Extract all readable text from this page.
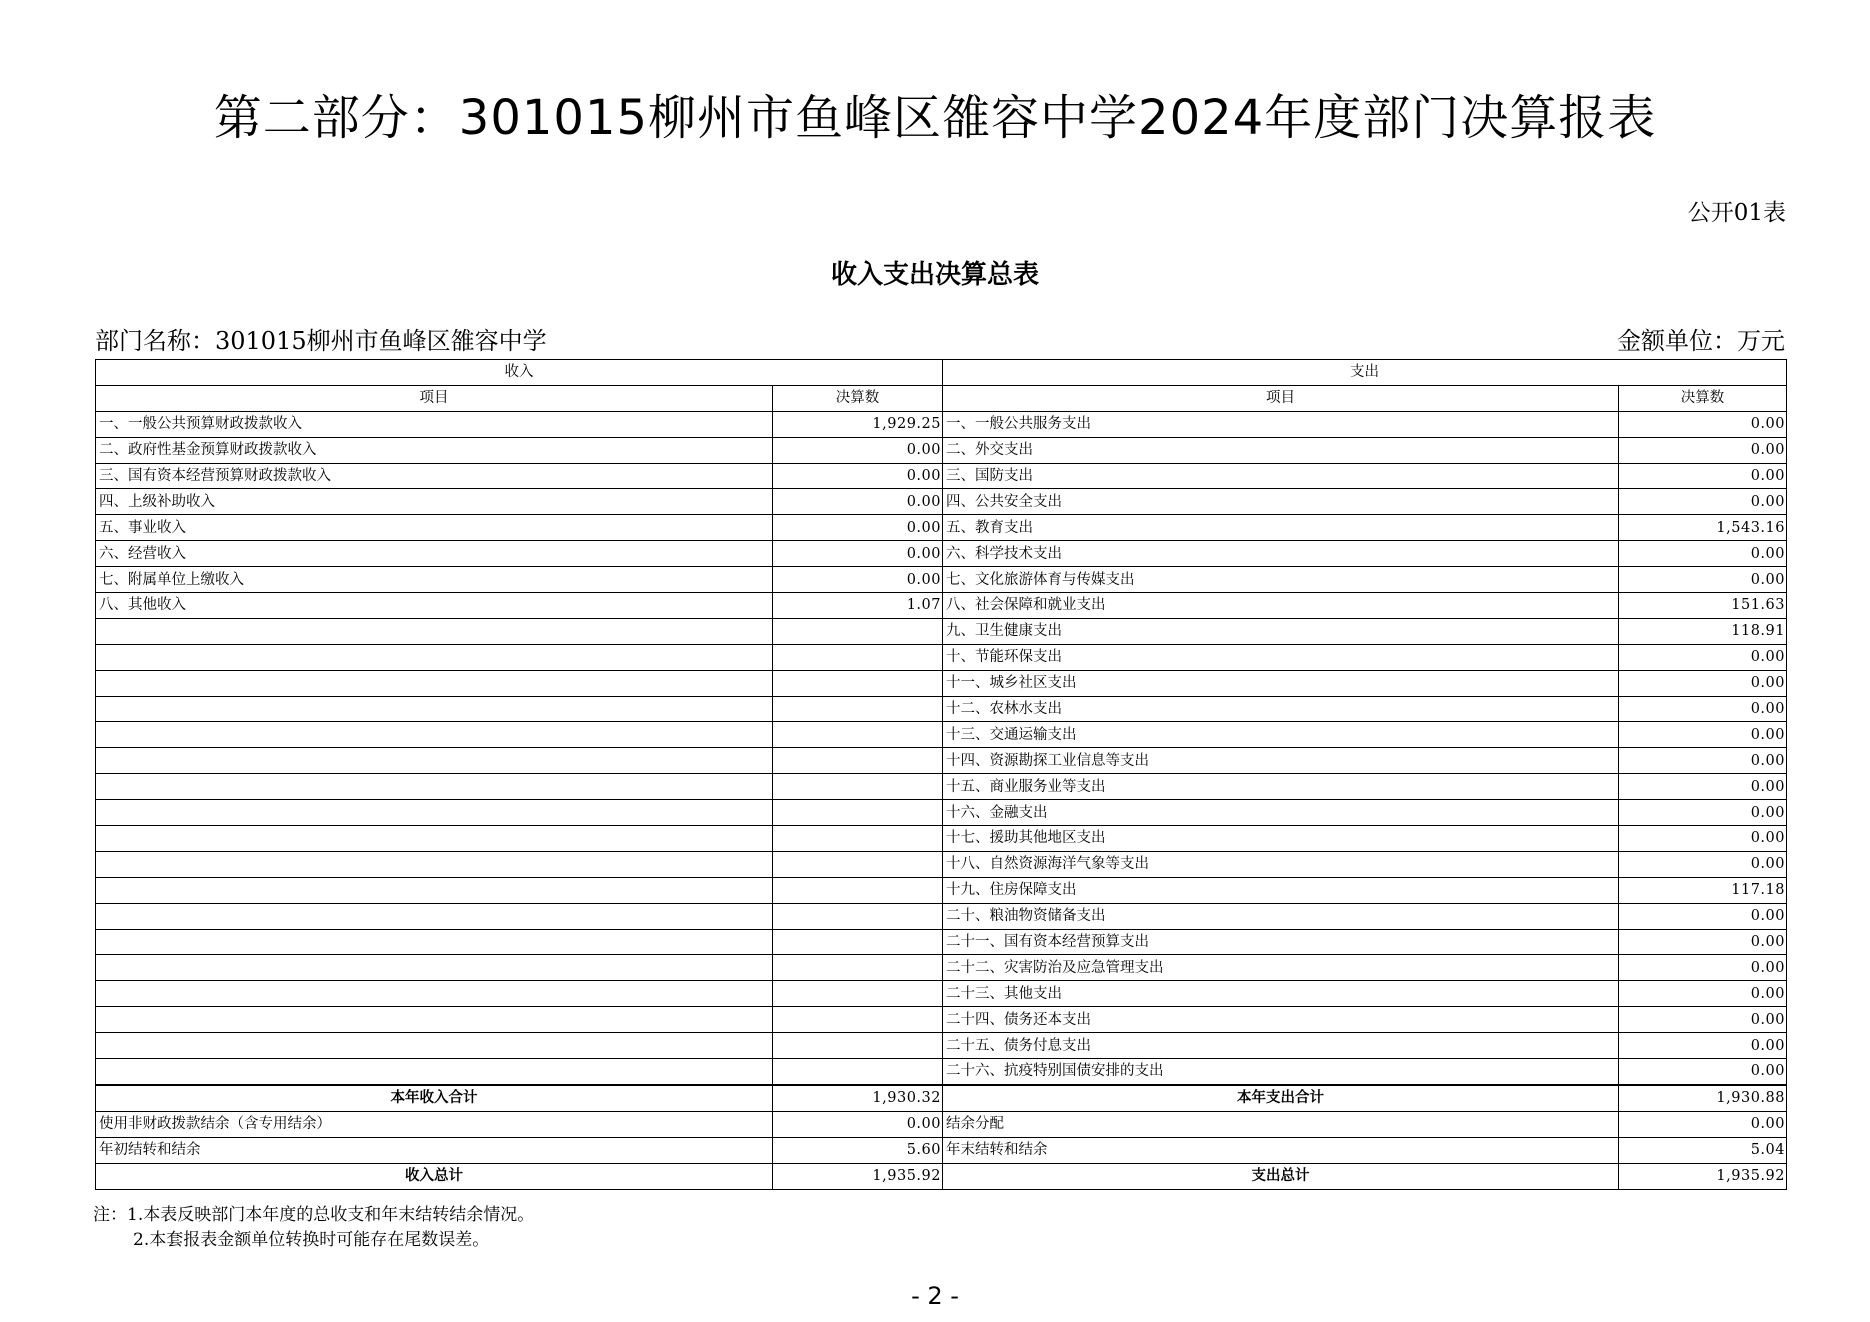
第二部分：301015柳州市鱼峰区雒容中学2024年度部门决算报表
公开01表
收入支出决算总表
部门名称：301015柳州市鱼峰区雒容中学	金额单位：万元
收入		支出	
项目	决算数	项目	决算数
一、一般公共预算财政拨款收入	1,929.25	一、一般公共服务支出	0.00
二、政府性基金预算财政拨款收入	0.00	二、外交支出	0.00
三、国有资本经营预算财政拨款收入	0.00	三、国防支出	0.00
四、上级补助收入	0.00	四、公共安全支出	0.00
五、事业收入	0.00	五、教育支出	1,543.16
六、经营收入	0.00	六、科学技术支出	0.00
七、附属单位上缴收入	0.00	七、文化旅游体育与传媒支出	0.00
八、其他收入	1.07	八、社会保障和就业支出	151.63
		九、卫生健康支出	118.91
		十、节能环保支出	0.00
		十一、城乡社区支出	0.00
		十二、农林水支出	0.00
		十三、交通运输支出	0.00
		十四、资源勘探工业信息等支出	0.00
		十五、商业服务业等支出	0.00
		十六、金融支出	0.00
		十七、援助其他地区支出	0.00
		十八、自然资源海洋气象等支出	0.00
		十九、住房保障支出	117.18
		二十、粮油物资储备支出	0.00
		二十一、国有资本经营预算支出	0.00
		二十二、灾害防治及应急管理支出	0.00
		二十三、其他支出	0.00
		二十四、债务还本支出	0.00
		二十五、债务付息支出	0.00
		二十六、抗疫特别国债安排的支出	0.00
本年收入合计	1,930.32	本年支出合计	1,930.88
使用非财政拨款结余（含专用结余）	0.00	结余分配	0.00
年初结转和结余	5.60	年末结转和结余	5.04
收入总计	1,935.92	支出总计	1,935.92
注：1.本表反映部门本年度的总收支和年末结转结余情况。
2.本套报表金额单位转换时可能存在尾数误差。
- 2 -
